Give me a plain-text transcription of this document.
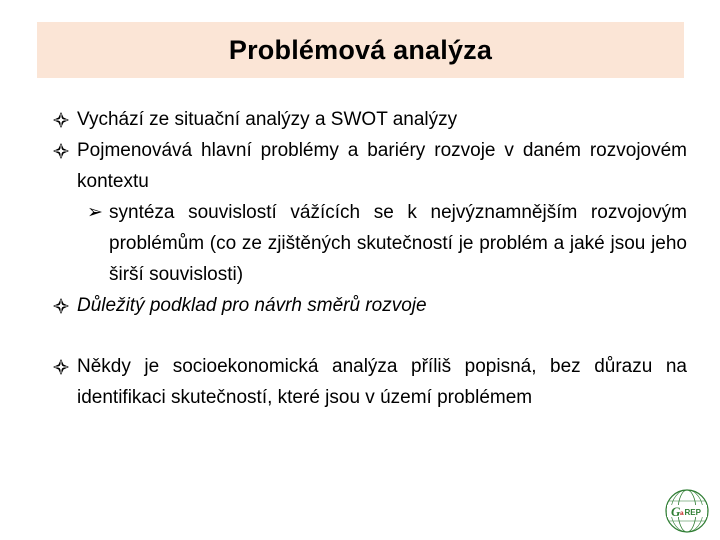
Problémová analýza
Vychází ze situační analýzy a SWOT analýzy
Pojmenovává hlavní problémy a bariéry rozvoje v daném rozvojovém kontextu
➢ syntéza souvislostí vážících se k nejvýznamnějším rozvojovým problémům (co ze zjištěných skutečností je problém a jaké jsou jeho širší souvislosti)
Důležitý podklad pro návrh směrů rozvoje
Někdy je socioekonomická analýza příliš popisná, bez důrazu na identifikaci skutečností, které jsou v území problémem
G a REP
